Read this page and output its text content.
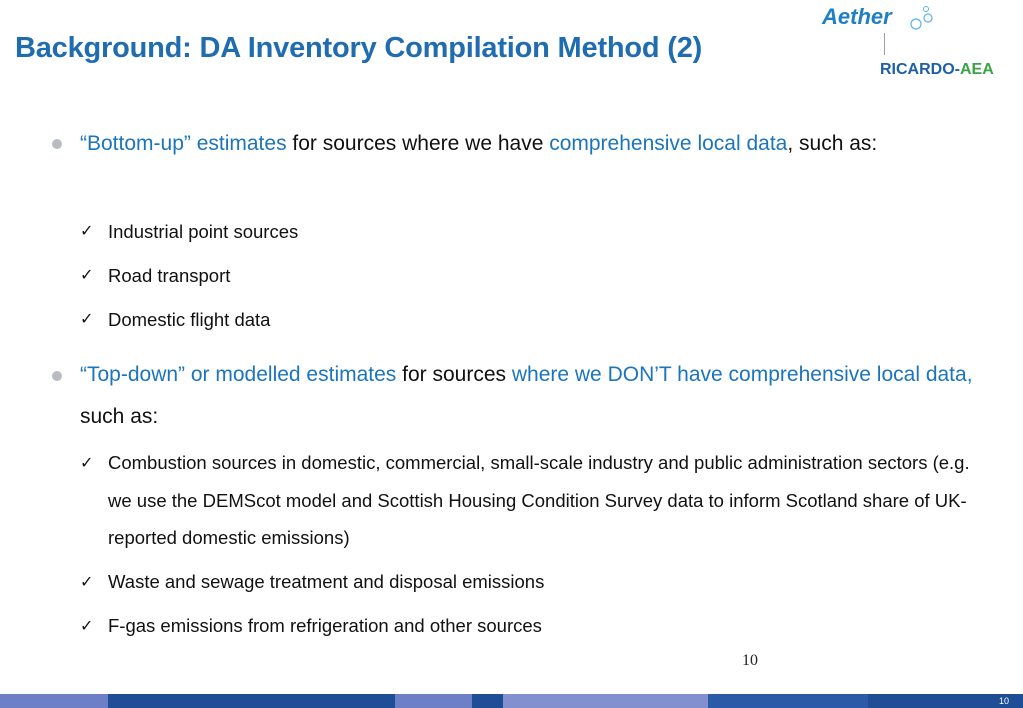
Background: DA Inventory Compilation Method (2)
Aether
RICARDO-AEA
“Bottom-up” estimates for sources where we have comprehensive local data, such as:
✓ Industrial point sources
✓ Road transport
✓ Domestic flight data
“Top-down” or modelled estimates for sources where we DON’T have comprehensive local data, such as:
✓ Combustion sources in domestic, commercial, small-scale industry and public administration sectors (e.g. we use the DEMScot model and Scottish Housing Condition Survey data to inform Scotland share of UK-reported domestic emissions)
✓ Waste and sewage treatment and disposal emissions
✓ F-gas emissions from refrigeration and other sources
10
10
